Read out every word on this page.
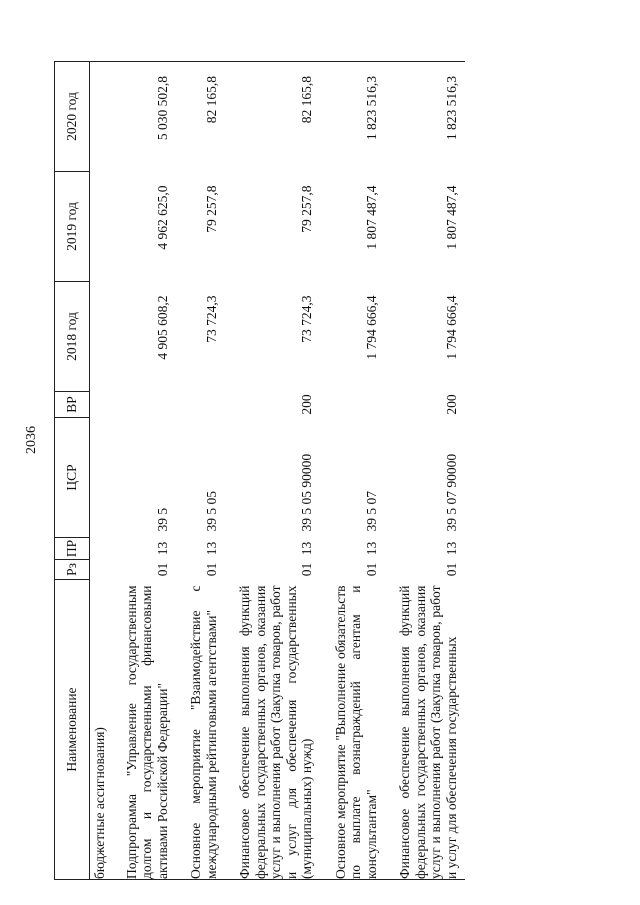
2036
Наименование	Рз	ПР	ЦСР	ВР	2018 год	2019 год	2020 год
бюджетные ассигнования)							
Подпрограмма "Управление государственным долгом и государственными финансовыми активами Российской Федерации"	01	13	39 5		4 905 608,2	4 962 625,0	5 030 502,8
Основное мероприятие "Взаимодействие с международными рейтинговыми агентствами"	01	13	39 5 05		73 724,3	79 257,8	82 165,8
Финансовое обеспечение выполнения функций федеральных государственных органов, оказания услуг и выполнения работ (Закупка товаров, работ и услуг для обеспечения государственных (муниципальных) нужд)	01	13	39 5 05 90000	200	73 724,3	79 257,8	82 165,8
Основное мероприятие "Выполнение обязательств по выплате вознаграждений агентам и консультантам"	01	13	39 5 07		1 794 666,4	1 807 487,4	1 823 516,3
Финансовое обеспечение выполнения функций федеральных государственных органов, оказания услуг и выполнения работ (Закупка товаров, работ и услуг для обеспечения государственных	01	13	39 5 07 90000	200	1 794 666,4	1 807 487,4	1 823 516,3
